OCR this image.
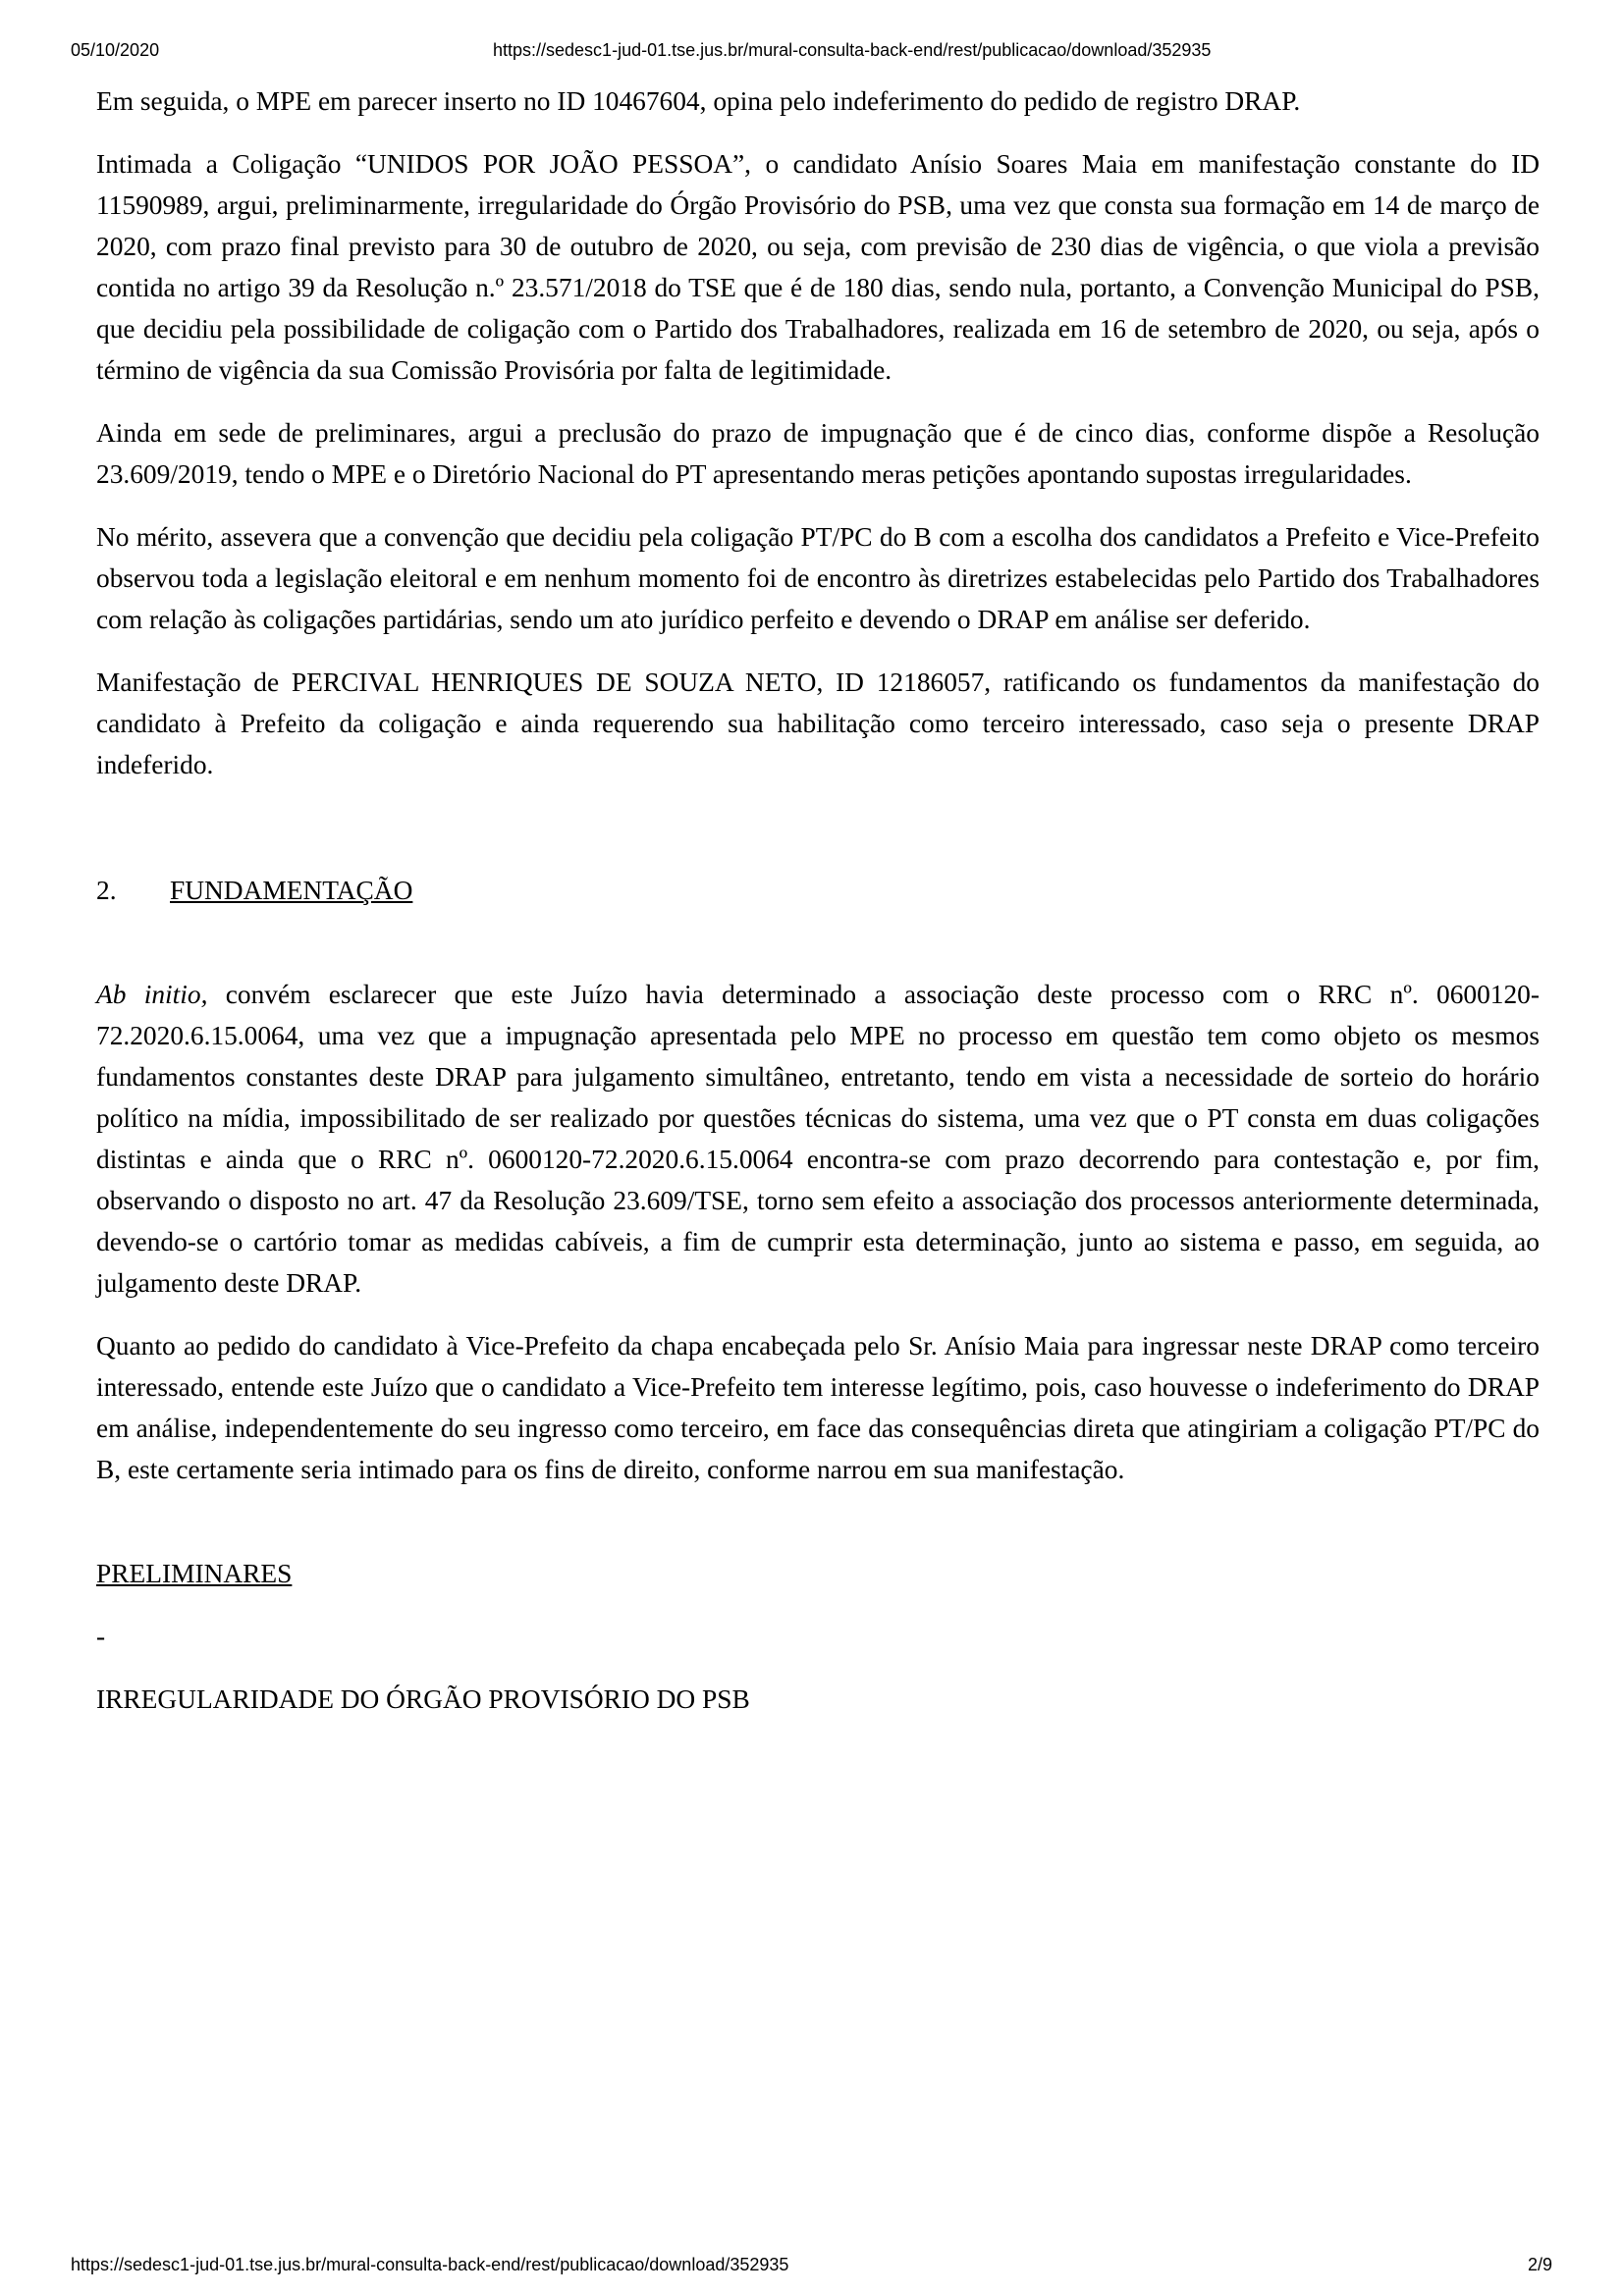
05/10/2020	https://sedesc1-jud-01.tse.jus.br/mural-consulta-back-end/rest/publicacao/download/352935

Em seguida, o MPE em parecer inserto no ID 10467604, opina pelo indeferimento do pedido de registro DRAP.

Intimada a Coligação “UNIDOS POR JOÃO PESSOA”, o candidato Anísio Soares Maia em manifestação constante do ID 11590989, argui, preliminarmente, irregularidade do Órgão Provisório do PSB, uma vez que consta sua formação em 14 de março de 2020, com prazo final previsto para 30 de outubro de 2020, ou seja, com previsão de 230 dias de vigência, o que viola a previsão contida no artigo 39 da Resolução n.º 23.571/2018 do TSE que é de 180 dias, sendo nula, portanto, a Convenção Municipal do PSB, que decidiu pela possibilidade de coligação com o Partido dos Trabalhadores, realizada em 16 de setembro de 2020, ou seja, após o término de vigência da sua Comissão Provisória por falta de legitimidade.

Ainda em sede de preliminares, argui a preclusão do prazo de impugnação que é de cinco dias, conforme dispõe a Resolução 23.609/2019, tendo o MPE e o Diretório Nacional do PT apresentando meras petições apontando supostas irregularidades.

No mérito, assevera que a convenção que decidiu pela coligação PT/PC do B com a escolha dos candidatos a Prefeito e Vice-Prefeito observou toda a legislação eleitoral e em nenhum momento foi de encontro às diretrizes estabelecidas pelo Partido dos Trabalhadores com relação às coligações partidárias, sendo um ato jurídico perfeito e devendo o DRAP em análise ser deferido.

Manifestação de PERCIVAL HENRIQUES DE SOUZA NETO, ID 12186057, ratificando os fundamentos da manifestação do candidato à Prefeito da coligação e ainda requerendo sua habilitação como terceiro interessado, caso seja o presente DRAP indeferido.

2. FUNDAMENTAÇÃO

Ab initio, convém esclarecer que este Juízo havia determinado a associação deste processo com o RRC nº. 0600120-72.2020.6.15.0064, uma vez que a impugnação apresentada pelo MPE no processo em questão tem como objeto os mesmos fundamentos constantes deste DRAP para julgamento simultâneo, entretanto, tendo em vista a necessidade de sorteio do horário político na mídia, impossibilitado de ser realizado por questões técnicas do sistema, uma vez que o PT consta em duas coligações distintas e ainda que o RRC nº. 0600120-72.2020.6.15.0064 encontra-se com prazo decorrendo para contestação e, por fim, observando o disposto no art. 47 da Resolução 23.609/TSE, torno sem efeito a associação dos processos anteriormente determinada, devendo-se o cartório tomar as medidas cabíveis, a fim de cumprir esta determinação, junto ao sistema e passo, em seguida, ao julgamento deste DRAP.

Quanto ao pedido do candidato à Vice-Prefeito da chapa encabeçada pelo Sr. Anísio Maia para ingressar neste DRAP como terceiro interessado, entende este Juízo que o candidato a Vice-Prefeito tem interesse legítimo, pois, caso houvesse o indeferimento do DRAP em análise, independentemente do seu ingresso como terceiro, em face das consequências direta que atingiriam a coligação PT/PC do B, este certamente seria intimado para os fins de direito, conforme narrou em sua manifestação.

PRELIMINARES
-
IRREGULARIDADE DO ÓRGÃO PROVISÓRIO DO PSB
https://sedesc1-jud-01.tse.jus.br/mural-consulta-back-end/rest/publicacao/download/352935	2/9
